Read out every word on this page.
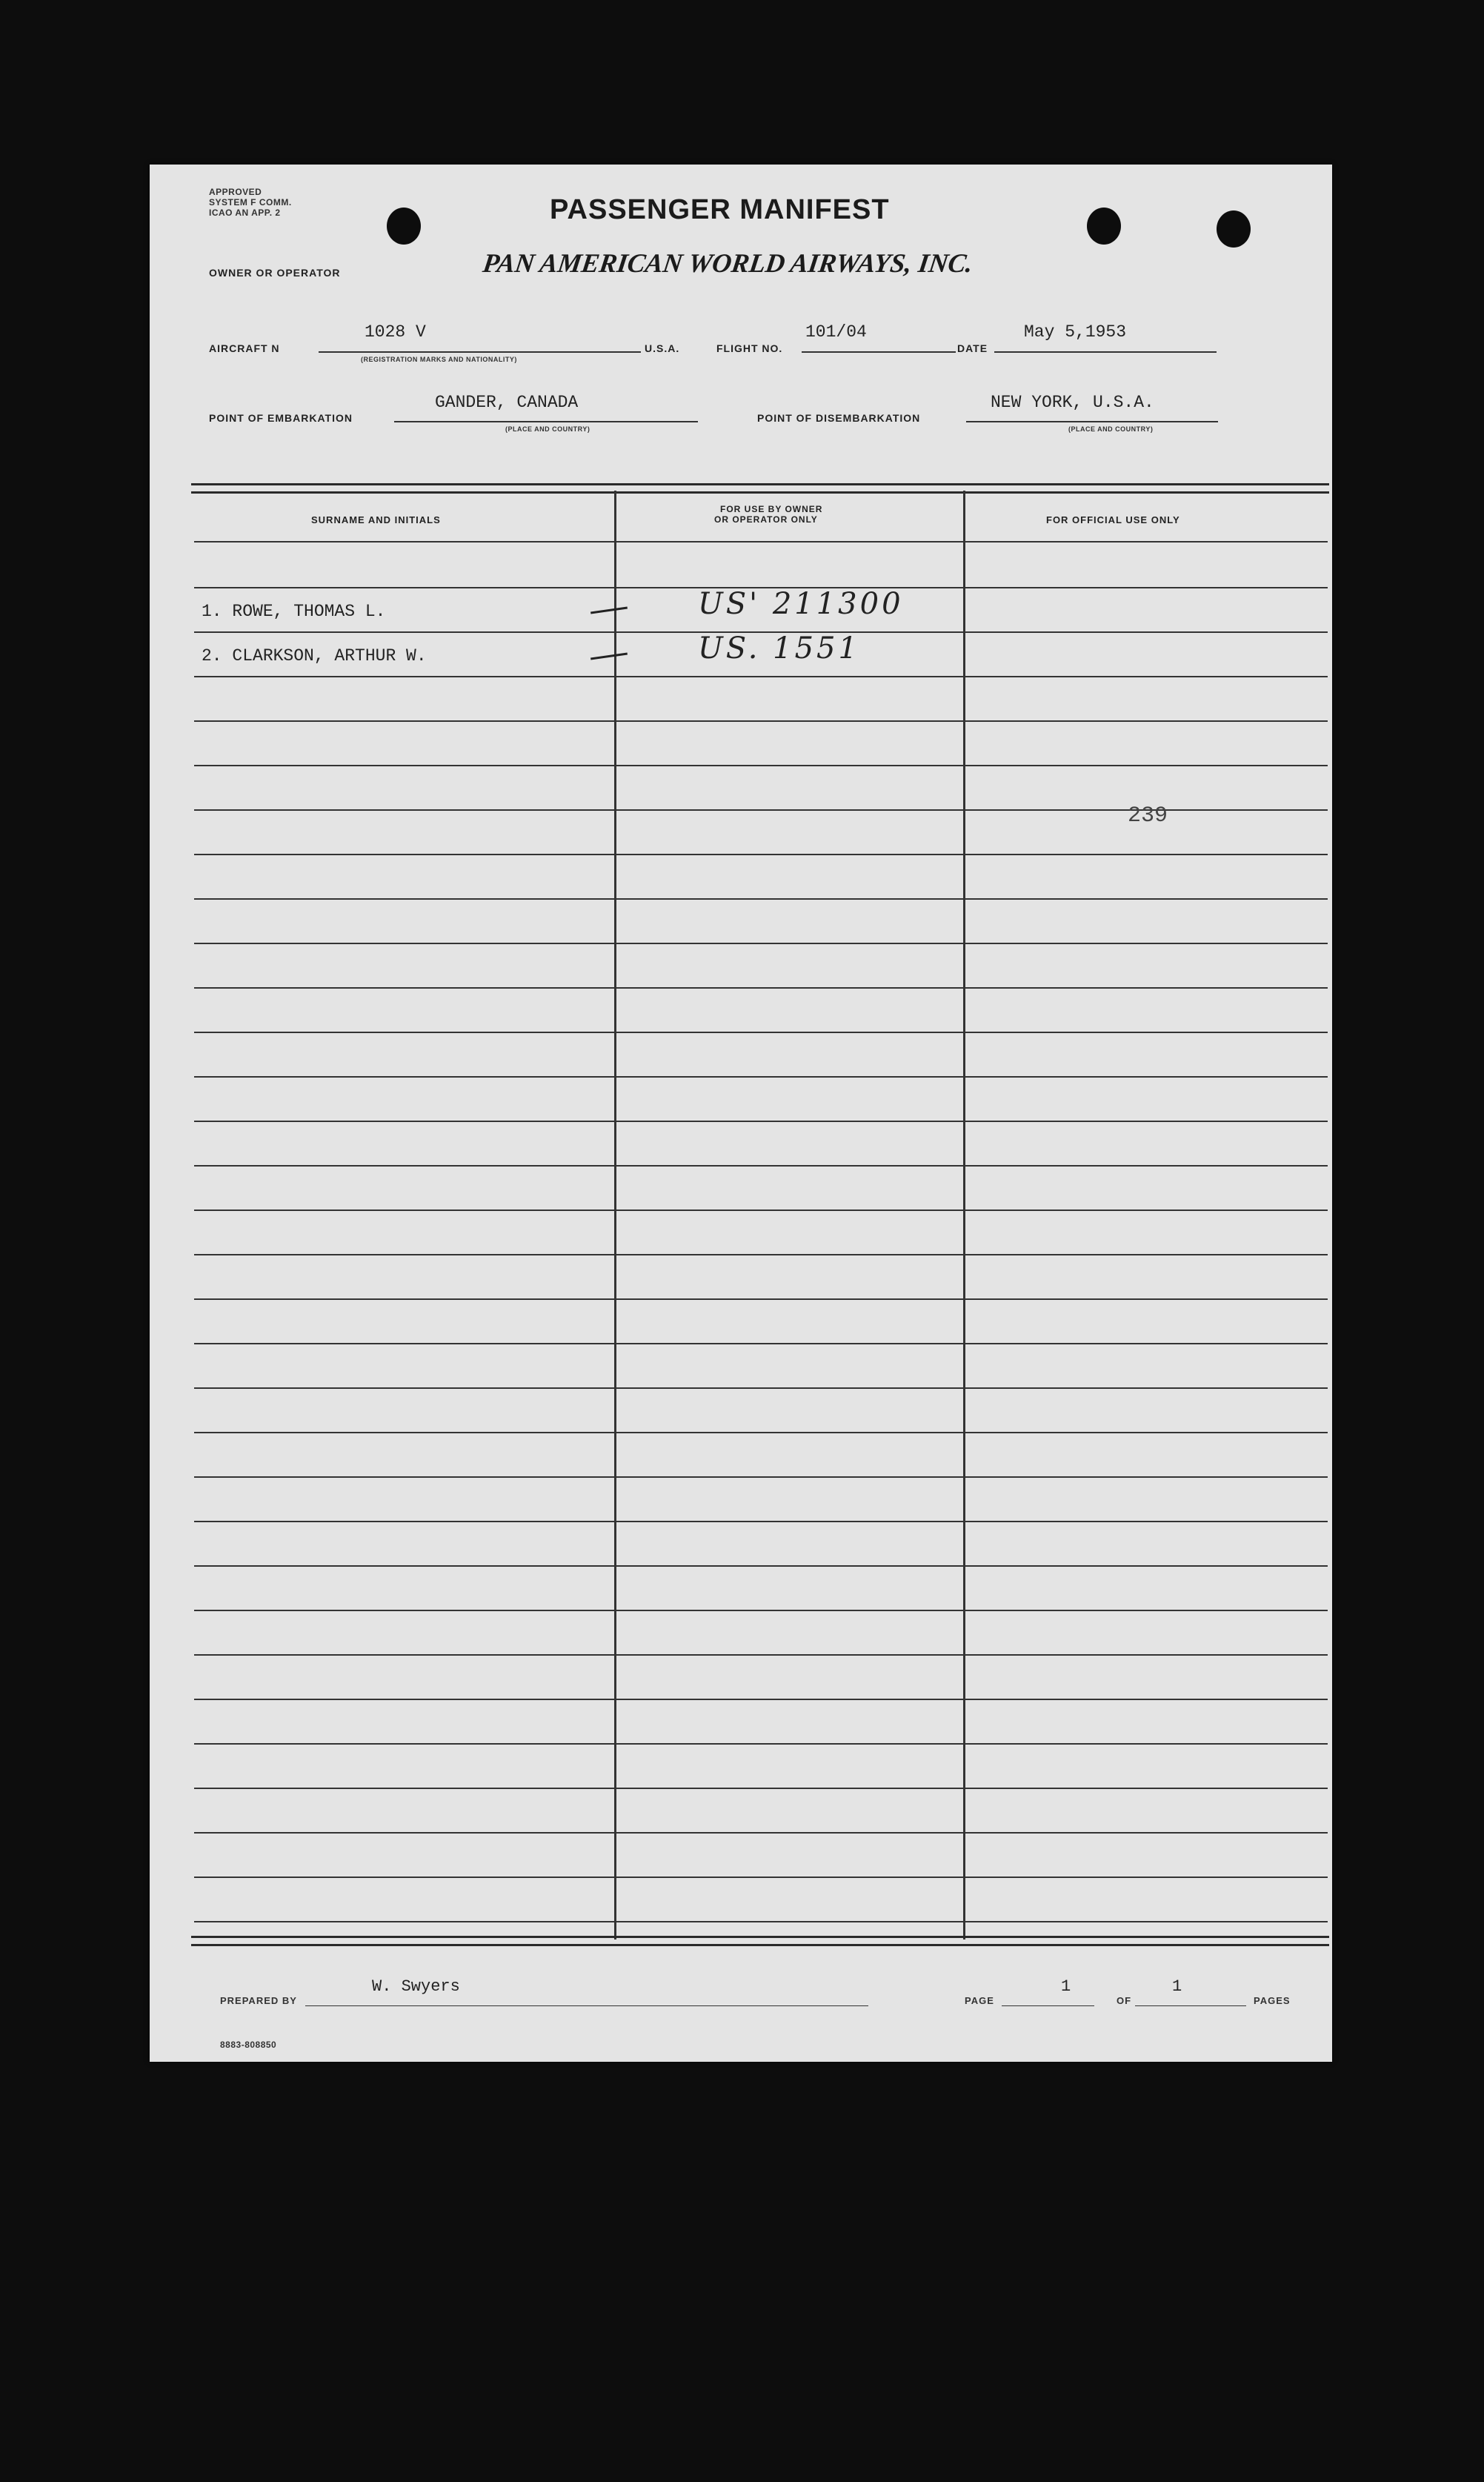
APPROVED
SYSTEM F COMM.
ICAO AN APP. 2	PASSENGER MANIFEST
PAN AMERICAN WORLD AIRWAYS, INC.
OWNER OR OPERATOR
AIRCRAFT N
1028 V
(REGISTRATION MARKS AND NATIONALITY)
U.S.A.	FLIGHT NO.
101/04
DATE
May 5,1953
POINT OF EMBARKATION
GANDER, CANADA
(PLACE AND COUNTRY)
POINT OF DISEMBARKATION
NEW YORK, U.S.A.
(PLACE AND COUNTRY)
SURNAME AND INITIALS
FOR USE BY OWNER
OR OPERATOR ONLY	FOR OFFICIAL USE ONLY
1. ROWE, THOMAS L.	US' 211300
2. CLARKSON, ARTHUR W.	US. 1551
239
PREPARED BY
W. Swyers
PAGE
1
OF
1
PAGES
8883-808850
